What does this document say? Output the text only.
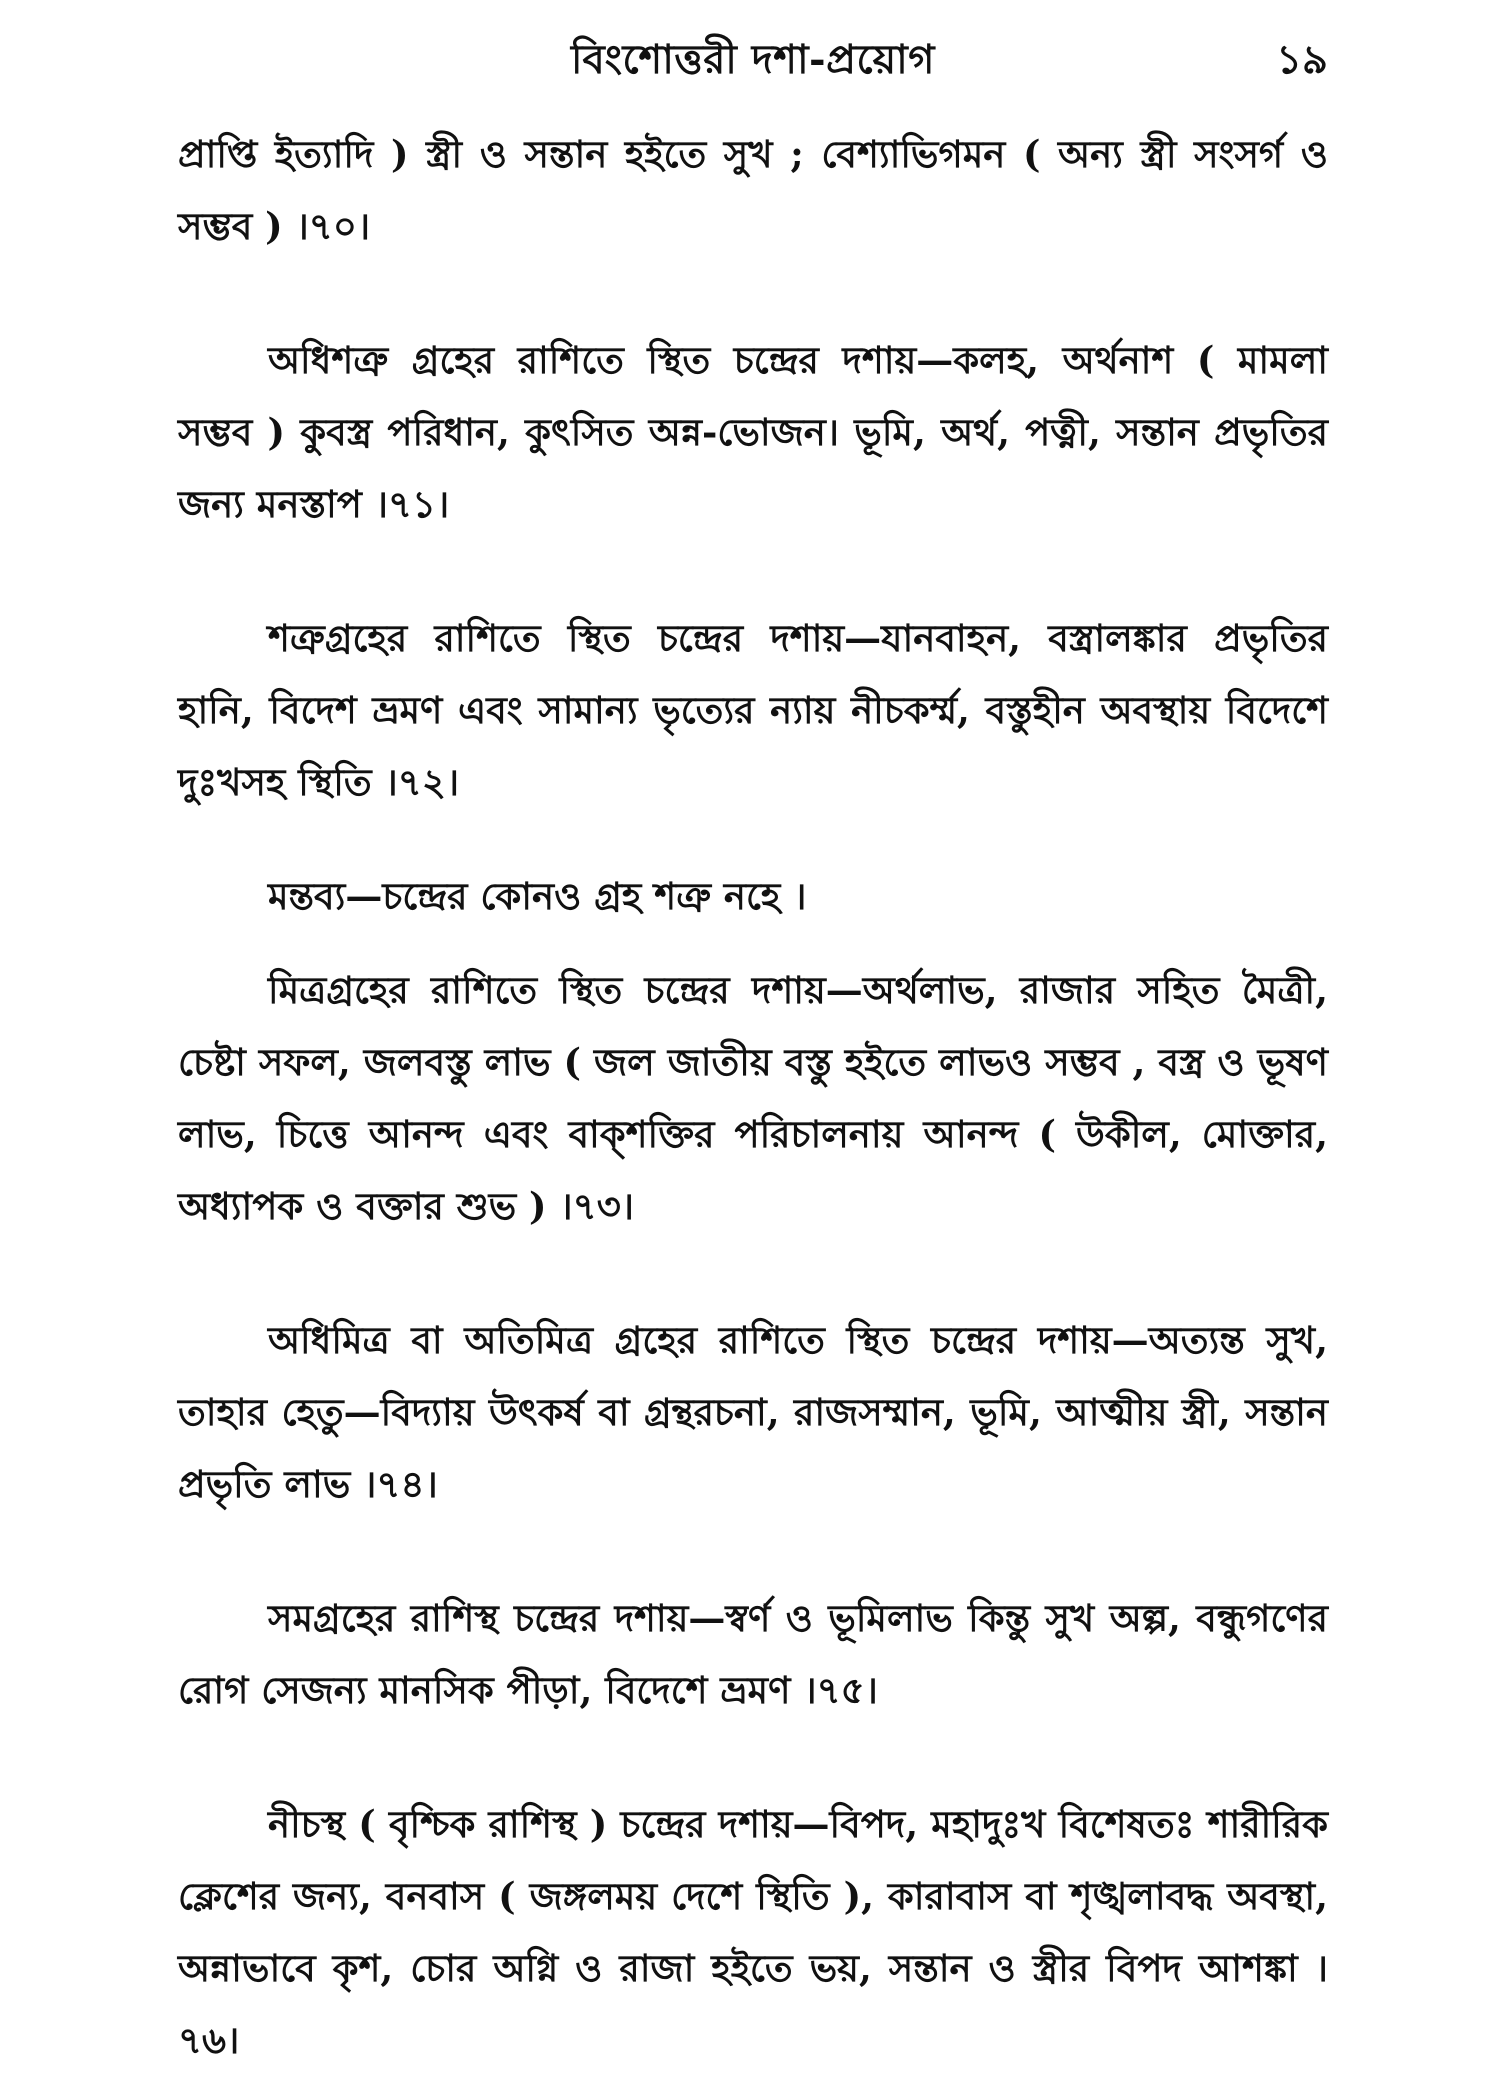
বিংশোত্তরী দশা-প্রয়োগ	১৯

প্রাপ্তি ইত্যাদি ) স্ত্রী ও সন্তান হইতে সুখ ; বেশ্যাভিগমন ( অন্য স্ত্রী সংসর্গ ও সম্ভব ) ।৭০।

অধিশত্রু গ্রহের রাশিতে স্থিত চন্দ্রের দশায়—কলহ, অর্থনাশ ( মামলা সম্ভব ) কুবস্ত্র পরিধান, কুৎসিত অন্ন-ভোজন। ভূমি, অর্থ, পত্নী, সন্তান প্রভৃতির জন্য মনস্তাপ ।৭১।

শত্রুগ্রহের রাশিতে স্থিত চন্দ্রের দশায়—যানবাহন, বস্ত্রালঙ্কার প্রভৃতির হানি, বিদেশ ভ্রমণ এবং সামান্য ভৃত্যের ন্যায় নীচকর্ম্ম, বস্তুহীন অবস্থায় বিদেশে দুঃখসহ স্থিতি ।৭২।

মন্তব্য—চন্দ্রের কোনও গ্রহ শত্রু নহে ।

মিত্রগ্রহের রাশিতে স্থিত চন্দ্রের দশায়—অর্থলাভ, রাজার সহিত মৈত্রী, চেষ্টা সফল, জলবস্তু লাভ ( জল জাতীয় বস্তু হইতে লাভও সম্ভব , বস্ত্র ও ভূষণ লাভ, চিত্তে আনন্দ এবং বাক্শক্তির পরিচালনায় আনন্দ ( উকীল, মোক্তার, অধ্যাপক ও বক্তার শুভ ) ।৭৩।

অধিমিত্র বা অতিমিত্র গ্রহের রাশিতে স্থিত চন্দ্রের দশায়—অত্যন্ত সুখ, তাহার হেতু—বিদ্যায় উৎকর্ষ বা গ্রন্থরচনা, রাজসম্মান, ভূমি, আত্মীয় স্ত্রী, সন্তান প্রভৃতি লাভ ।৭৪।

সমগ্রহের রাশিস্থ চন্দ্রের দশায়—স্বর্ণ ও ভূমিলাভ কিন্তু সুখ অল্প, বন্ধুগণের রোগ সেজন্য মানসিক পীড়া, বিদেশে ভ্রমণ ।৭৫।

নীচস্থ ( বৃশ্চিক রাশিস্থ ) চন্দ্রের দশায়—বিপদ, মহাদুঃখ বিশেষতঃ শারীরিক ক্লেশের জন্য, বনবাস ( জঙ্গলময় দেশে স্থিতি ), কারাবাস বা শৃঙ্খলাবদ্ধ অবস্থা, অন্নাভাবে কৃশ, চোর অগ্নি ও রাজা হইতে ভয়, সন্তান ও স্ত্রীর বিপদ আশঙ্কা ।৭৬।
